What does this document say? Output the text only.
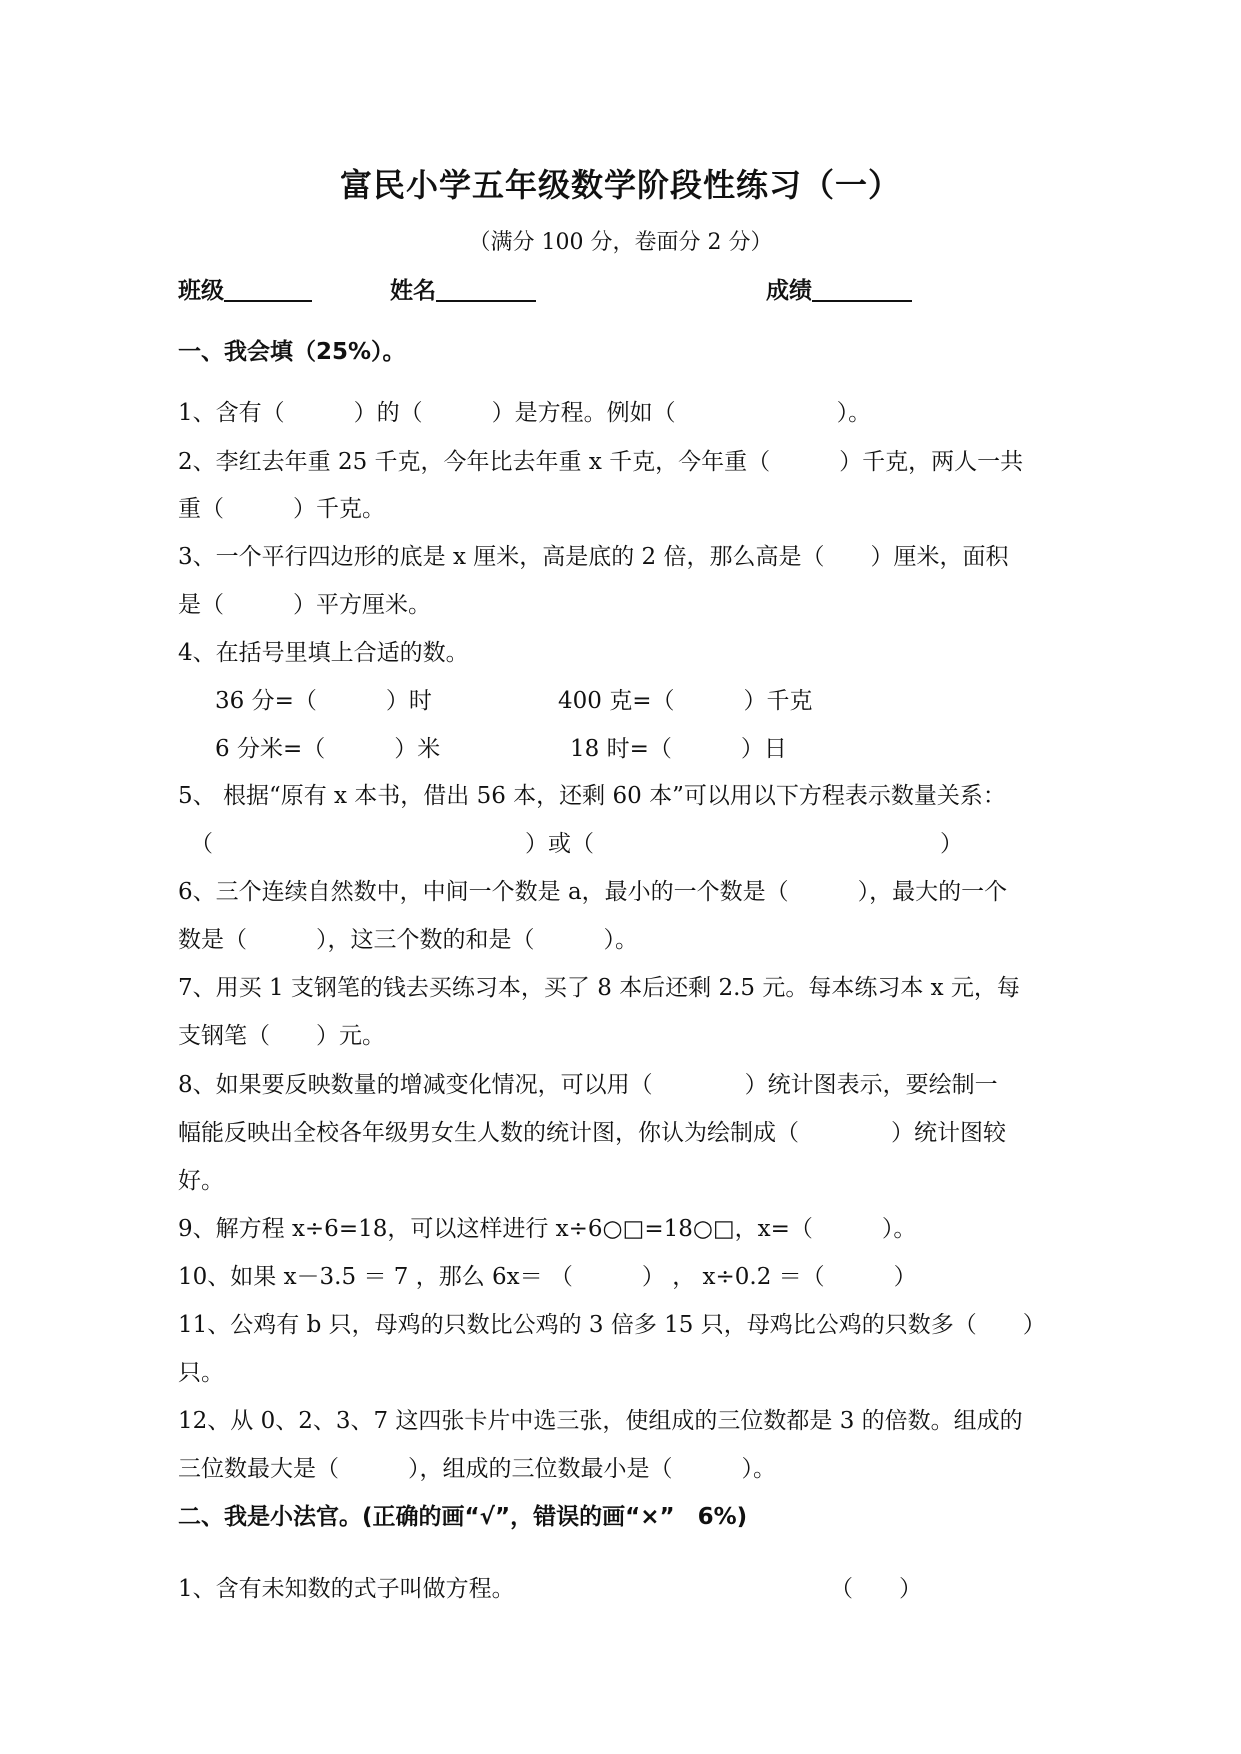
富民小学五年级数学阶段性练习（一）
（满分 100 分，卷面分 2 分）
班级	姓名	成绩
一、我会填（25%）。
1、含有（　　　）的（　　　）是方程。例如（　　　　　　　）。
2、李红去年重 25 千克，今年比去年重 x 千克，今年重（　　　）千克，两人一共
重（　　　）千克。
3、一个平行四边形的底是 x 厘米，高是底的 2 倍，那么高是（　　）厘米，面积
是（　　　）平方厘米。
4、在括号里填上合适的数。
36 分=（　　　）时	400 克=（　　　）千克
6 分米=（　　　）米	18 时=（　　　）日
5、 根据“原有 x 本书，借出 56 本，还剩 60 本”可以用以下方程表示数量关系：
（	）或（	）
6、三个连续自然数中，中间一个数是 a，最小的一个数是（　　　），最大的一个
数是（　　　），这三个数的和是（　　　）。
7、用买 1 支钢笔的钱去买练习本，买了 8 本后还剩 2.5 元。每本练习本 x 元，每
支钢笔（　　）元。
8、如果要反映数量的增减变化情况，可以用（　　　　）统计图表示，要绘制一
幅能反映出全校各年级男女生人数的统计图，你认为绘制成（　　　　）统计图较
好。
9、解方程 x÷6=18，可以这样进行 x÷6○□=18○□，x=（　　　）。
10、如果 x－3.5 ＝ 7 ，那么 6x＝ （　　　） ， x÷0.2 ＝（　　　）
11、公鸡有 b 只，母鸡的只数比公鸡的 3 倍多 15 只，母鸡比公鸡的只数多（　　）
只。
12、从 0、2、3、7 这四张卡片中选三张，使组成的三位数都是 3 的倍数。组成的
三位数最大是（　　　），组成的三位数最小是（　　　）。
二、我是小法官。(正确的画“√”，错误的画“×”　6%)
1、含有未知数的式子叫做方程。	（　　）
